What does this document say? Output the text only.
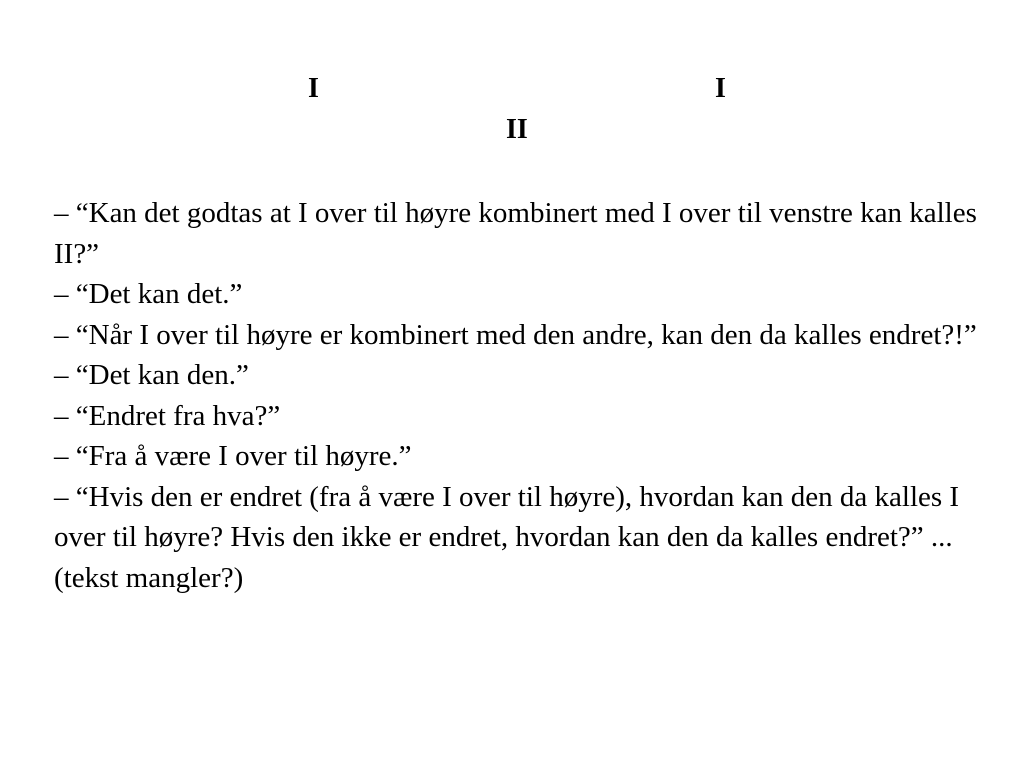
I	I
II

– “Kan det godtas at I over til høyre kombinert med I over til venstre kan kalles II?”

– “Det kan det.”

– “Når I over til høyre er kombinert med den andre, kan den da kalles endret?!”

– “Det kan den.”

– “Endret fra hva?”

– “Fra å være I over til høyre.”

– “Hvis den er endret (fra å være I over til høyre), hvordan kan den da kalles I over til høyre? Hvis den ikke er endret, hvordan kan den da kalles endret?” ... (tekst mangler?)
